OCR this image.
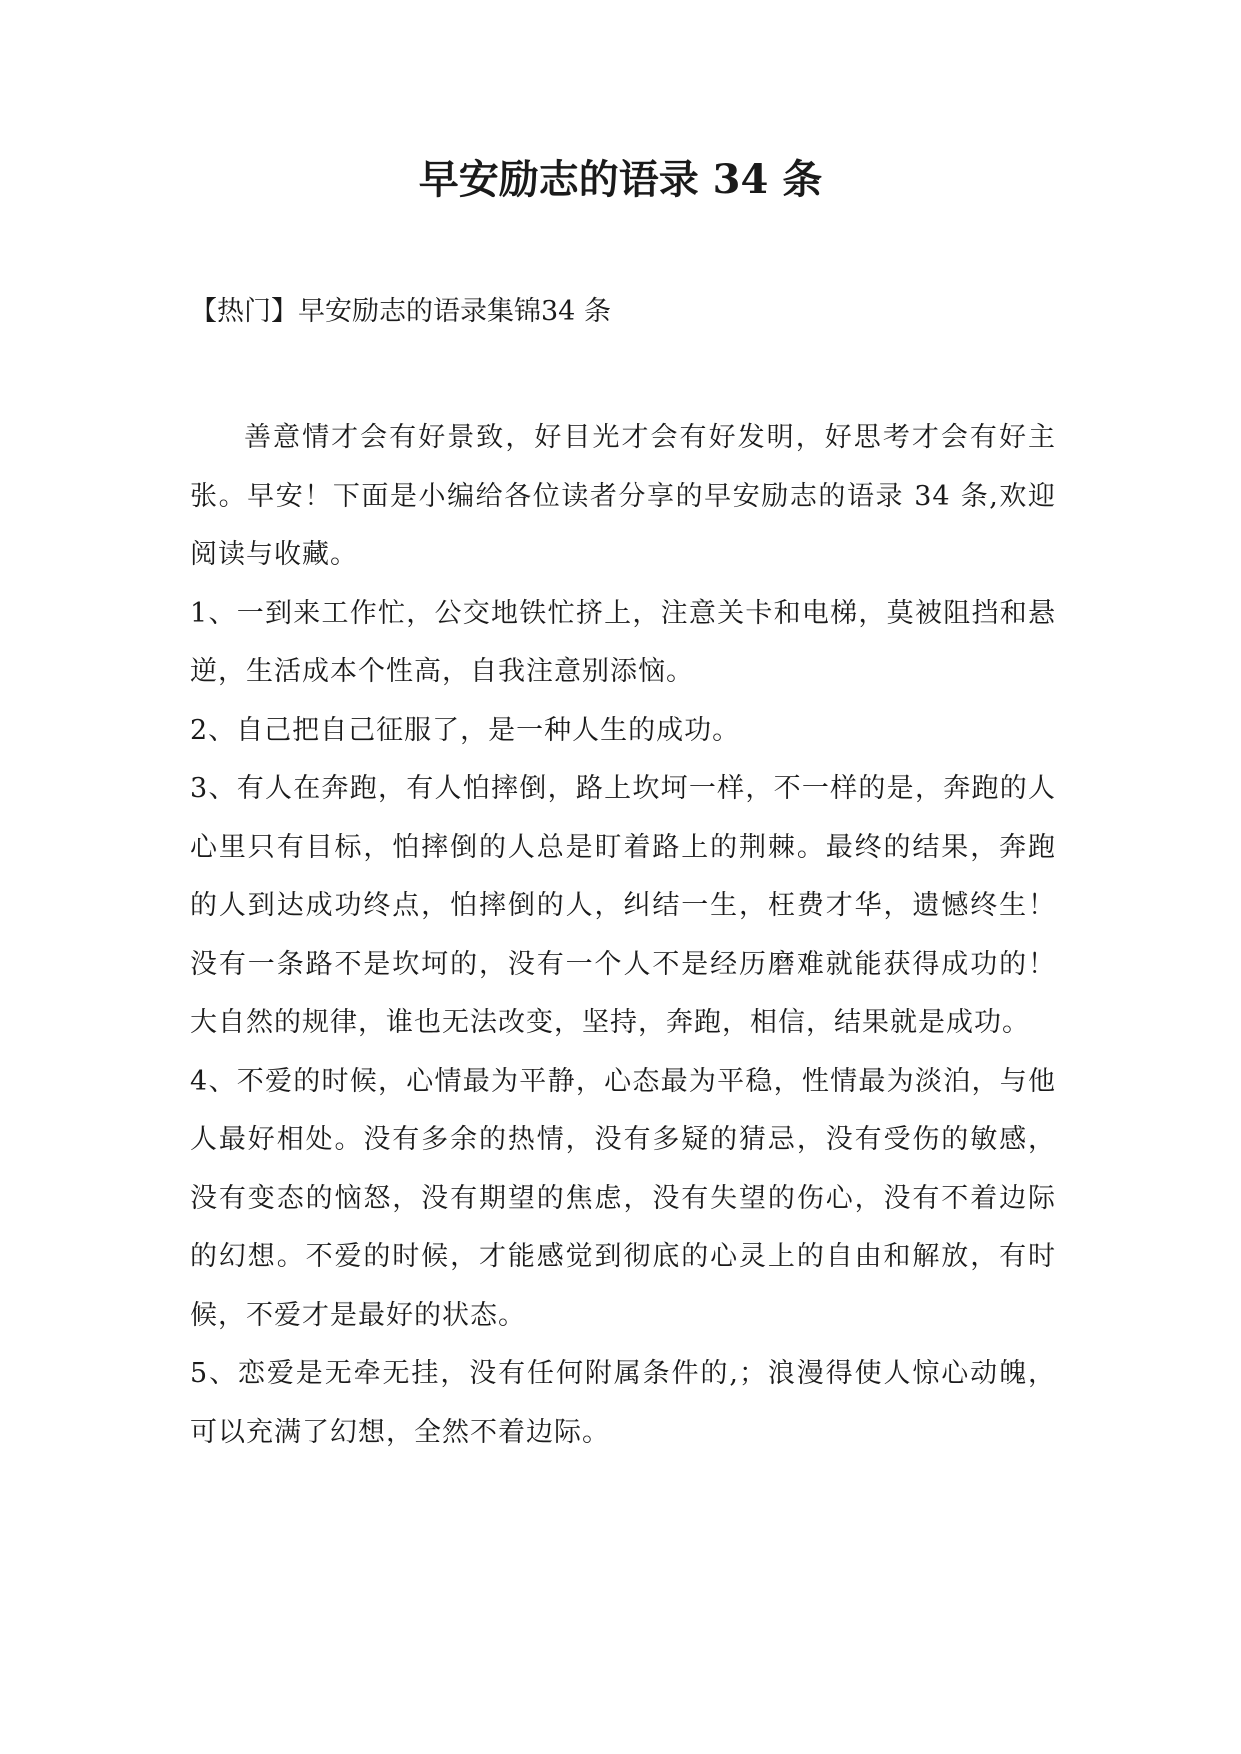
早安励志的语录 34 条
【热门】早安励志的语录集锦34 条

善意情才会有好景致，好目光才会有好发明，好思考才会有好主张。早安！下面是小编给各位读者分享的早安励志的语录 34 条,欢迎阅读与收藏。

1、一到来工作忙，公交地铁忙挤上，注意关卡和电梯，莫被阻挡和悬逆，生活成本个性高，自我注意别添恼。

2、自己把自己征服了，是一种人生的成功。

3、有人在奔跑，有人怕摔倒，路上坎坷一样，不一样的是，奔跑的人心里只有目标，怕摔倒的人总是盯着路上的荆棘。最终的结果，奔跑的人到达成功终点，怕摔倒的人，纠结一生，枉费才华，遗憾终生！没有一条路不是坎坷的，没有一个人不是经历磨难就能获得成功的！大自然的规律，谁也无法改变，坚持，奔跑，相信，结果就是成功。

4、不爱的时候，心情最为平静，心态最为平稳，性情最为淡泊，与他人最好相处。没有多余的热情，没有多疑的猜忌，没有受伤的敏感，没有变态的恼怒，没有期望的焦虑，没有失望的伤心，没有不着边际的幻想。不爱的时候，才能感觉到彻底的心灵上的自由和解放，有时候，不爱才是最好的状态。

5、恋爱是无牵无挂，没有任何附属条件的,；浪漫得使人惊心动魄，可以充满了幻想，全然不着边际。
